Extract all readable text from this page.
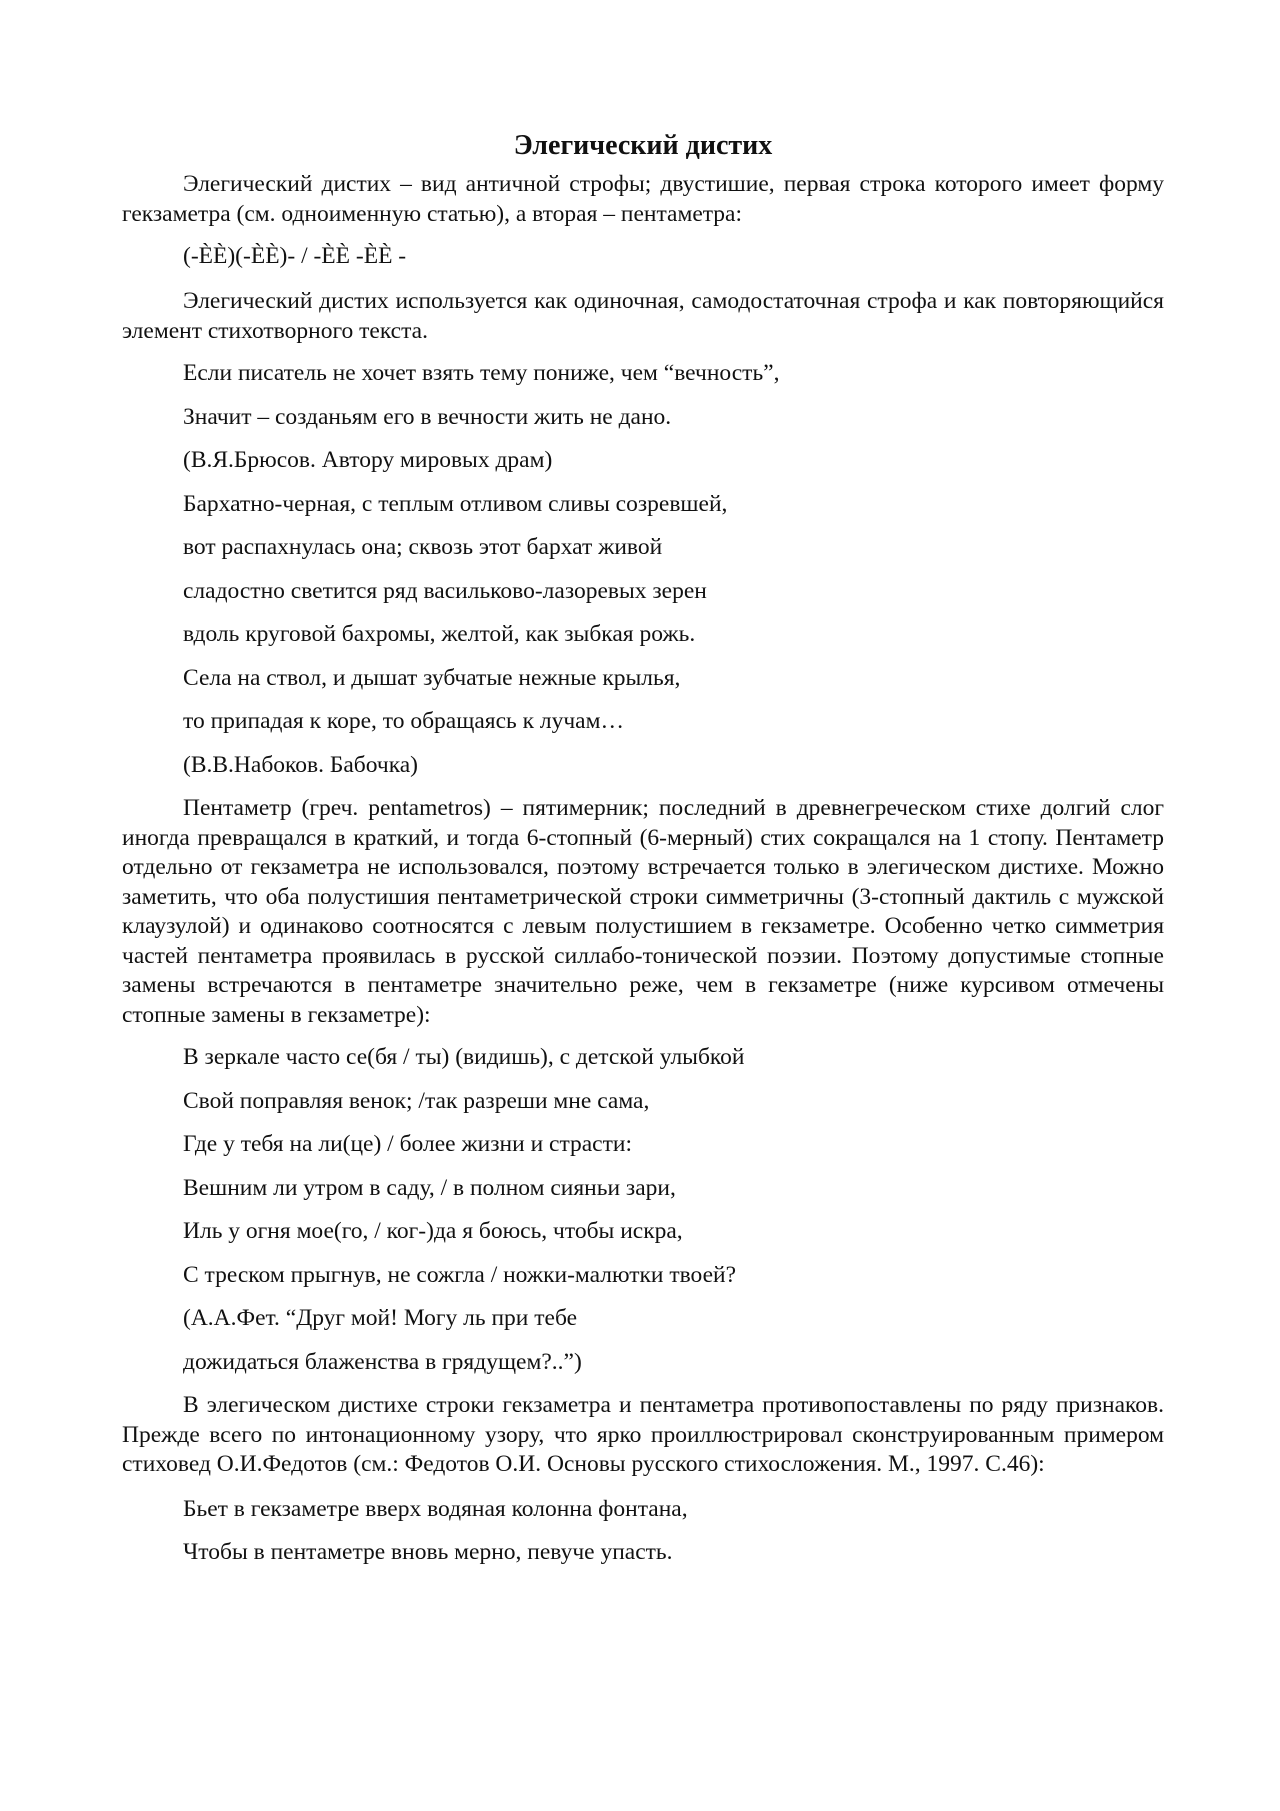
Элегический дистих

Элегический дистих – вид античной строфы; двустишие, первая строка которого имеет форму гекзаметра (см. одноименную статью), а вторая – пентаметра:

(-ÈÈ)(-ÈÈ)- / -ÈÈ -ÈÈ -

Элегический дистих используется как одиночная, самодостаточная строфа и как повторяющийся элемент стихотворного текста.

Если писатель не хочет взять тему пониже, чем “вечность”,
Значит – созданьям его в вечности жить не дано.
(В.Я.Брюсов. Автору мировых драм)
Бархатно-черная, с теплым отливом сливы созревшей,
вот распахнулась она; сквозь этот бархат живой
сладостно светится ряд васильково-лазоревых зерен
вдоль круговой бахромы, желтой, как зыбкая рожь.
Села на ствол, и дышат зубчатые нежные крылья,
то припадая к коре, то обращаясь к лучам…
(В.В.Набоков. Бабочка)

Пентаметр (греч. pentametros) – пятимерник; последний в древнегреческом стихе долгий слог иногда превращался в краткий, и тогда 6-стопный (6-мерный) стих сокращался на 1 стопу. Пентаметр отдельно от гекзаметра не использовался, поэтому встречается только в элегическом дистихе. Можно заметить, что оба полустишия пентаметрической строки симметричны (3-стопный дактиль с мужской клаузулой) и одинаково соотносятся с левым полустишием в гекзаметре. Особенно четко симметрия частей пентаметра проявилась в русской силлабо-тонической поэзии. Поэтому допустимые стопные замены встречаются в пентаметре значительно реже, чем в гекзаметре (ниже курсивом отмечены стопные замены в гекзаметре):

В зеркале часто се(бя / ты) (видишь), с детской улыбкой
Свой поправляя венок; /так разреши мне сама,
Где у тебя на ли(це) / более жизни и страсти:
Вешним ли утром в саду, / в полном сияньи зари,
Иль у огня мое(го, / ког-)да я боюсь, чтобы искра,
С треском прыгнув, не сожгла / ножки-малютки твоей?
(А.А.Фет. “Друг мой! Могу ль при тебе
дожидаться блаженства в грядущем?..”)

В элегическом дистихе строки гекзаметра и пентаметра противопоставлены по ряду признаков. Прежде всего по интонационному узору, что ярко проиллюстрировал сконструированным примером стиховед О.И.Федотов (см.: Федотов О.И. Основы русского стихосложения. М., 1997. С.46):

Бьет в гекзаметре вверх водяная колонна фонтана,
Чтобы в пентаметре вновь мерно, певуче упасть.
